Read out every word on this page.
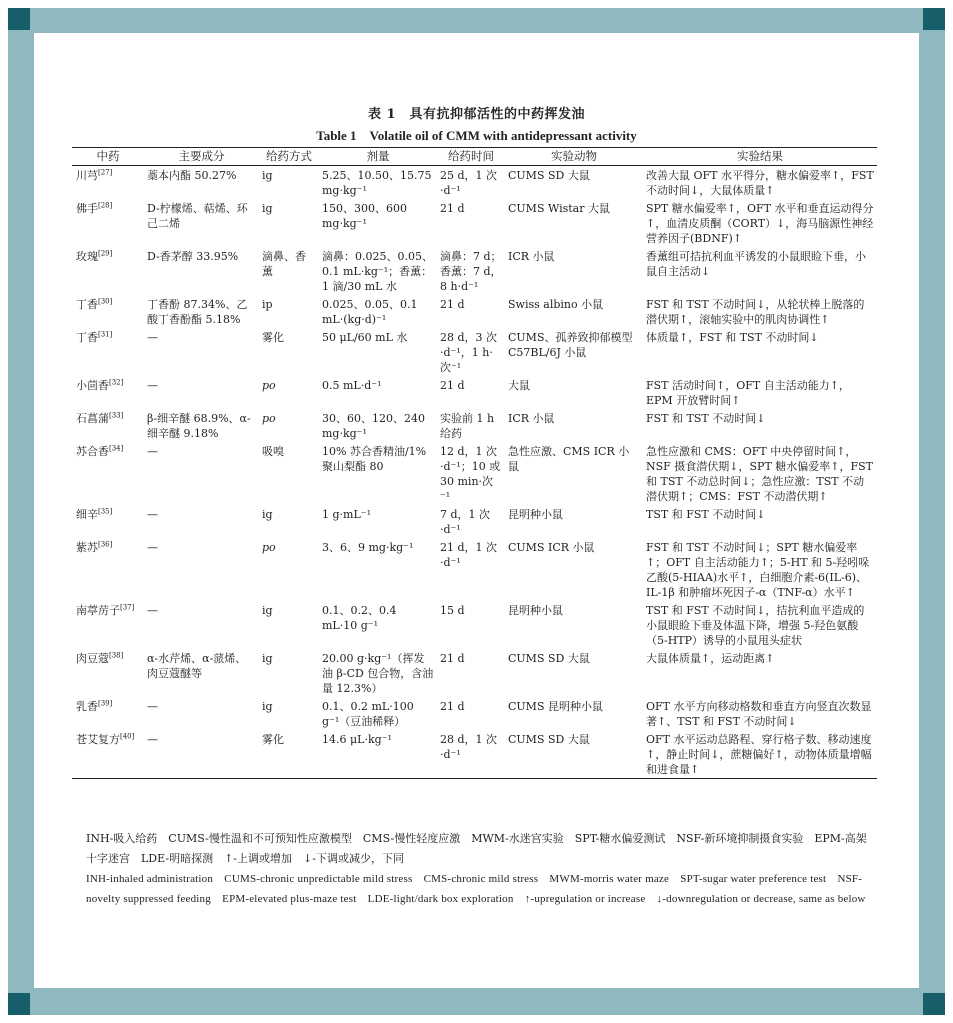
表 1　具有抗抑郁活性的中药挥发油
Table 1　Volatile oil of CMM with antidepressant activity
中药	主要成分	给药方式	剂量	给药时间	实验动物	实验结果
川芎[27]	藁本内酯 50.27%	ig	5.25、10.50、15.75 mg·kg⁻¹	25 d，1 次·d⁻¹	CUMS SD 大鼠	改善大鼠 OFT 水平得分，糖水偏爱率↑，FST 不动时间↓，大鼠体质量↑
佛手[28]	D-柠檬烯、萜烯、环己二烯	ig	150、300、600 mg·kg⁻¹	21 d	CUMS Wistar 大鼠	SPT 糖水偏爱率↑，OFT 水平和垂直运动得分↑，血清皮质酮（CORT）↓，海马脑源性神经营养因子(BDNF)↑
玫瑰[29]	D-香茅醇 33.95%	滴鼻、香薰	滴鼻：0.025、0.05、0.1 mL·kg⁻¹；香薰：1 滴/30 mL 水	滴鼻：7 d；香薰：7 d，8 h·d⁻¹	ICR 小鼠	香薰组可拮抗利血平诱发的小鼠眼睑下垂，小鼠自主活动↓
丁香[30]	丁香酚 87.34%、乙酸丁香酚酯 5.18%	ip	0.025、0.05、0.1 mL·(kg·d)⁻¹	21 d	Swiss albino 小鼠	FST 和 TST 不动时间↓，从轮状棒上脱落的潜伏期↑，滚轴实验中的肌肉协调性↑
丁香[31]	—	雾化	50 μL/60 mL 水	28 d，3 次·d⁻¹，1 h·次⁻¹	CUMS、孤养致抑郁模型 C57BL/6J 小鼠	体质量↑，FST 和 TST 不动时间↓
小茴香[32]	—	po	0.5 mL·d⁻¹	21 d	大鼠	FST 活动时间↑，OFT 自主活动能力↑，EPM 开放臂时间↑
石菖蒲[33]	β-细辛醚 68.9%、α-细辛醚 9.18%	po	30、60、120、240 mg·kg⁻¹	实验前 1 h 给药	ICR 小鼠	FST 和 TST 不动时间↓
苏合香[34]	—	吸嗅	10% 苏合香精油/1%聚山梨酯 80	12 d，1 次·d⁻¹；10 或 30 min·次⁻¹	急性应激、CMS ICR 小鼠	急性应激和 CMS：OFT 中央停留时间↑，NSF 摄食潜伏期↓，SPT 糖水偏爱率↑，FST 和 TST 不动总时间↓；急性应激：TST 不动潜伏期↑；CMS：FST 不动潜伏期↑
细辛[35]	—	ig	1 g·mL⁻¹	7 d，1 次·d⁻¹	昆明种小鼠	TST 和 FST 不动时间↓
紫苏[36]	—	po	3、6、9 mg·kg⁻¹	21 d，1 次·d⁻¹	CUMS ICR 小鼠	FST 和 TST 不动时间↓；SPT 糖水偏爱率↑；OFT 自主活动能力↑；5-HT 和 5-羟吲哚乙酸(5-HIAA)水平↑，白细胞介素-6(IL-6)、IL-1β 和肿瘤坏死因子-α（TNF-α）水平↑
南葶苈子[37]	—	ig	0.1、0.2、0.4 mL·10 g⁻¹	15 d	昆明种小鼠	TST 和 FST 不动时间↓，拮抗利血平造成的小鼠眼睑下垂及体温下降，增强 5-羟色氨酸（5-HTP）诱导的小鼠甩头症状
肉豆蔻[38]	α-水芹烯、α-蒎烯、肉豆蔻醚等	ig	20.00 g·kg⁻¹（挥发油 β-CD 包合物，含油量 12.3%）	21 d	CUMS SD 大鼠	大鼠体质量↑，运动距离↑
乳香[39]	—	ig	0.1、0.2 mL·100 g⁻¹（豆油稀释）	21 d	CUMS 昆明种小鼠	OFT 水平方向移动格数和垂直方向竖直次数显著↑、TST 和 FST 不动时间↓
苍艾复方[40]	—	雾化	14.6 μL·kg⁻¹	28 d，1 次·d⁻¹	CUMS SD 大鼠	OFT 水平运动总路程、穿行格子数、移动速度↑，静止时间↓，蔗糖偏好↑，动物体质量增幅和进食量↑
INH-吸入给药　CUMS-慢性温和不可预知性应激模型　CMS-慢性轻度应激　MWM-水迷宫实验　SPT-糖水偏爱测试　NSF-新环境抑制摄食实验　EPM-高架十字迷宫　LDE-明暗探测　↑-上调或增加　↓-下调或减少，下同
INH-inhaled administration　CUMS-chronic unpredictable mild stress　CMS-chronic mild stress　MWM-morris water maze　SPT-sugar water preference test　NSF-novelty suppressed feeding　EPM-elevated plus-maze test　LDE-light/dark box exploration　↑-upregulation or increase　↓-downregulation or decrease, same as below
